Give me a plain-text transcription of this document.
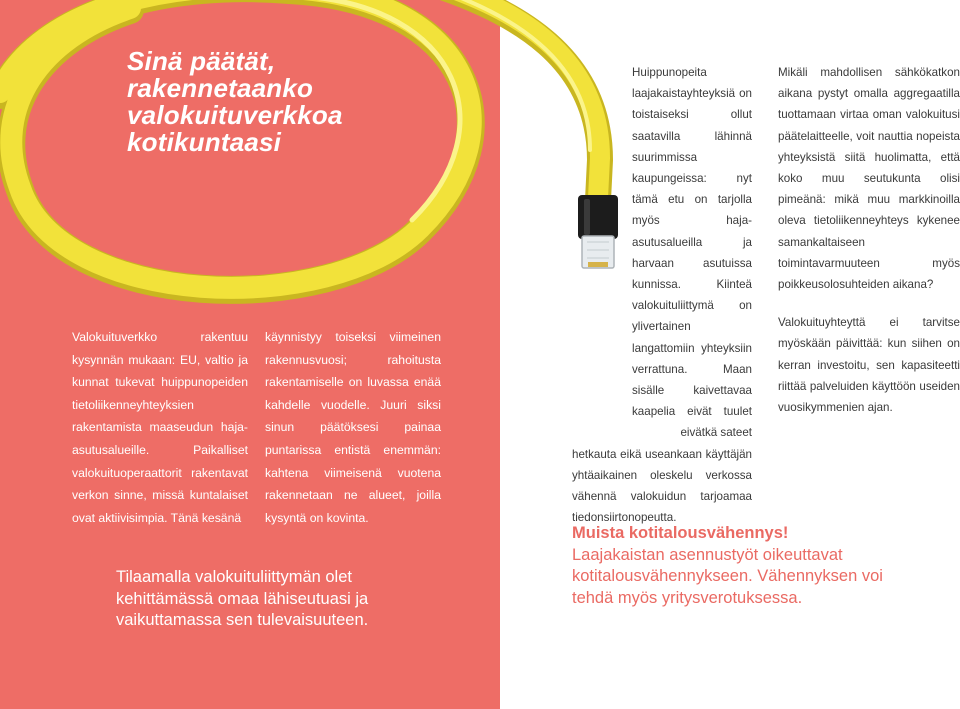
Sinä päätät,
rakennetaanko
valokuituverkkoa
kotikuntaasi

Valokuituverkko rakentuu kysynnän mukaan: EU, valtio ja kunnat tukevat huippunopeiden tietoliikenneyhteyksien rakentamista maaseudun haja-asutusalueille. Paikalliset valokuituoperaattorit rakentavat verkon sinne, missä kuntalaiset ovat aktiivisimpia. Tänä kesänä

käynnistyy toiseksi viimeinen rakennusvuosi; rahoitusta rakentamiselle on luvassa enää kahdelle vuodelle. Juuri siksi sinun päätöksesi painaa puntarissa entistä enemmän: kahtena viimeisenä vuotena rakennetaan ne alueet, joilla kysyntä on kovinta.

Tilaamalla valokuituliittymän olet kehittämässä omaa lähiseutuasi ja vaikuttamassa sen tulevaisuuteen.

Huippunopeita laajakaistayhteyksiä on toistaiseksi ollut saatavilla lähinnä suurimmissa kaupungeissa: nyt tämä etu on tarjolla myös haja-asutusalueilla ja harvaan asutuissa kunnissa. Kiinteä valokuituliittymä on ylivertainen langattomiin yhteyksiin verrattuna. Maan sisälle kaivettavaa kaapelia eivät tuulet eivätkä sateet

hetkauta eikä useankaan käyttäjän yhtäaikainen oleskelu verkossa vähennä valokuidun tarjoamaa tiedonsiirtonopeutta.

Mikäli mahdollisen sähkökatkon aikana pystyt omalla aggregaatilla tuottamaan virtaa oman valokuitusi päätelaitteelle, voit nauttia nopeista yhteyksistä siitä huolimatta, että koko muu seutukunta olisi pimeänä: mikä muu markkinoilla oleva tietoliikenneyhteys kykenee samankaltaiseen toimintavarmuuteen myös poikkeusolosuhteiden aikana?

Valokuituyhteyttä ei tarvitse myöskään päivittää: kun siihen on kerran investoitu, sen kapasiteetti riittää palveluiden käyttöön useiden vuosikymmenien ajan.

Muista kotitalousvähennys!
Laajakaistan asennustyöt oikeuttavat kotitalousvähennykseen. Vähennyksen voi tehdä myös yritysverotuksessa.
